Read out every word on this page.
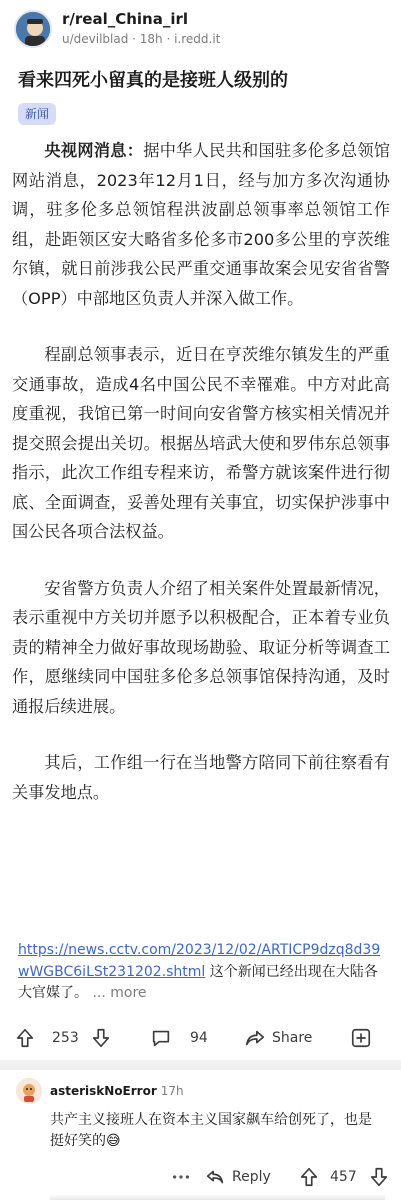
r/real_China_irl
u/devilblad · 18h · i.redd.it
看来四死小留真的是接班人级别的
新闻

央视网消息：据中华人民共和国驻多伦多总领馆网站消息，2023年12月1日，经与加方多次沟通协调，驻多伦多总领馆程洪波副总领事率总领馆工作组，赴距领区安大略省多伦多市200多公里的亨茨维尔镇，就日前涉我公民严重交通事故案会见安省省警（OPP）中部地区负责人并深入做工作。

程副总领事表示，近日在亨茨维尔镇发生的严重交通事故，造成4名中国公民不幸罹难。中方对此高度重视，我馆已第一时间向安省警方核实相关情况并提交照会提出关切。根据丛培武大使和罗伟东总领事指示，此次工作组专程来访，希警方就该案件进行彻底、全面调查，妥善处理有关事宜，切实保护涉事中国公民各项合法权益。

安省警方负责人介绍了相关案件处置最新情况，表示重视中方关切并愿予以积极配合，正本着专业负责的精神全力做好事故现场勘验、取证分析等调查工作，愿继续同中国驻多伦多总领事馆保持沟通，及时通报后续进展。

其后，工作组一行在当地警方陪同下前往察看有关事发地点。

https://news.cctv.com/2023/12/02/ARTICP9dzq8d39wWGBC6iLSt231202.shtml 这个新闻已经出现在大陆各大官媒了。 ... more
253	94	Share
asteriskNoError 17h
共产主义接班人在资本主义国家飙车给创死了，也是挺好笑的😅
Reply	457
